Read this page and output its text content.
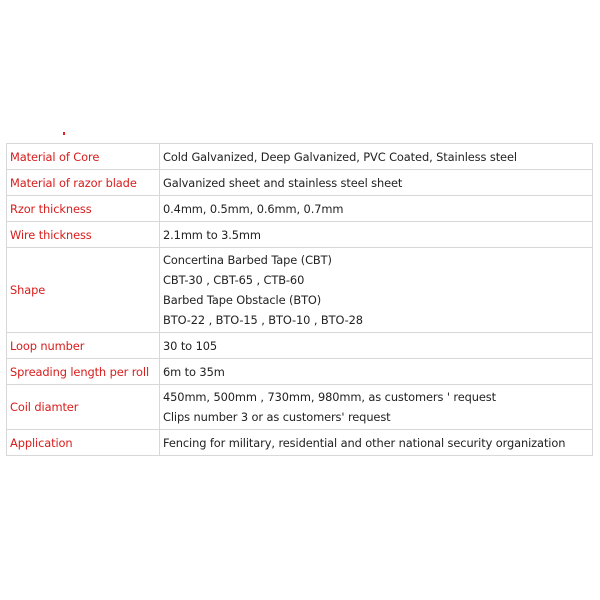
Material of Core	Cold Galvanized, Deep Galvanized, PVC Coated, Stainless steel
Material of razor blade	Galvanized sheet and stainless steel sheet
Rzor thickness	0.4mm, 0.5mm, 0.6mm, 0.7mm
Wire thickness	2.1mm to 3.5mm
Shape	Concertina Barbed Tape (CBT)
CBT-30 , CBT-65 , CTB-60
Barbed Tape Obstacle (BTO)
BTO-22 , BTO-15 , BTO-10 , BTO-28

Loop number	30 to 105
Spreading length per roll	6m to 35m
Coil diamter	450mm, 500mm , 730mm, 980mm, as customers ' request
Clips number 3 or as customers' request

Application	Fencing for military, residential and other national security organization
